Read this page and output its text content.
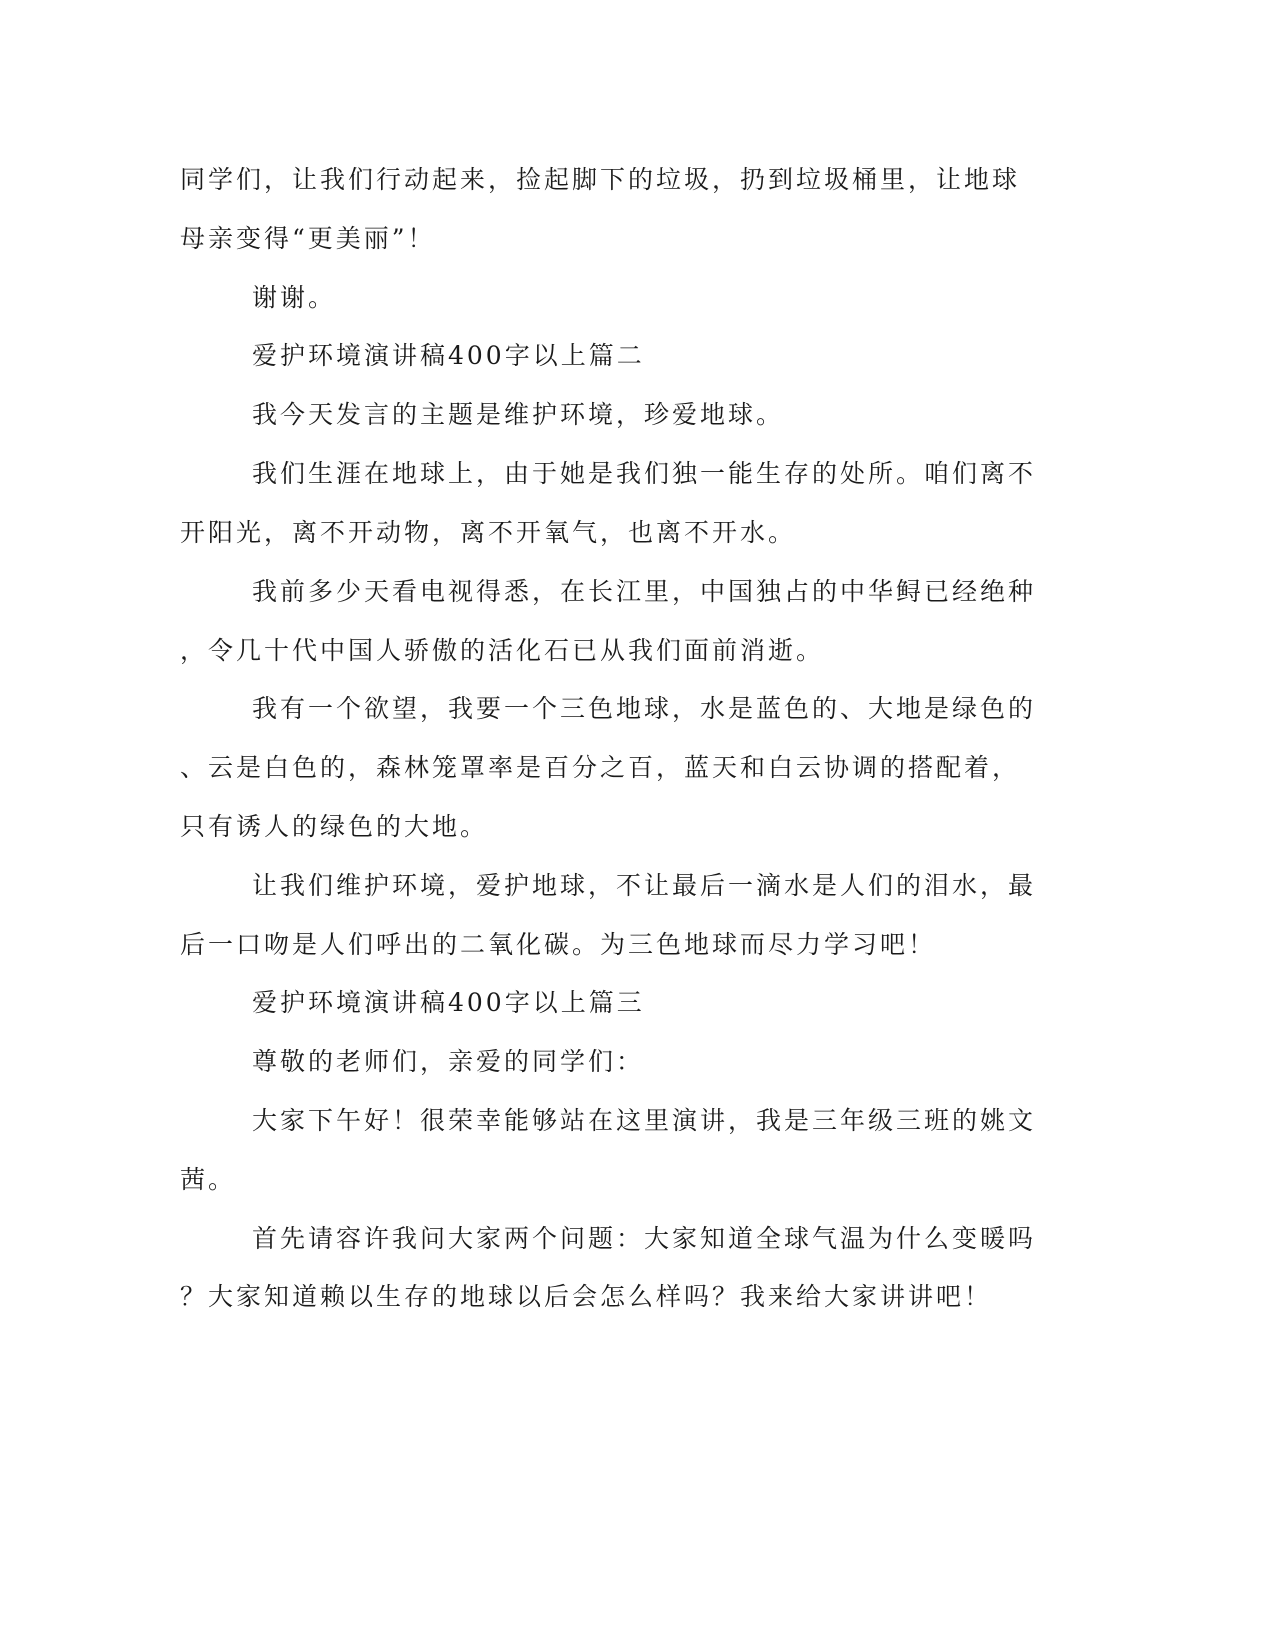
同学们，让我们行动起来，捡起脚下的垃圾，扔到垃圾桶里，让地球
母亲变得“更美丽”！
谢谢。
爱护环境演讲稿400字以上篇二
我今天发言的主题是维护环境，珍爱地球。
我们生涯在地球上，由于她是我们独一能生存的处所。咱们离不
开阳光，离不开动物，离不开氧气，也离不开水。
我前多少天看电视得悉，在长江里，中国独占的中华鲟已经绝种
，令几十代中国人骄傲的活化石已从我们面前消逝。
我有一个欲望，我要一个三色地球，水是蓝色的、大地是绿色的
、云是白色的，森林笼罩率是百分之百，蓝天和白云协调的搭配着，
只有诱人的绿色的大地。
让我们维护环境，爱护地球，不让最后一滴水是人们的泪水，最
后一口吻是人们呼出的二氧化碳。为三色地球而尽力学习吧！
爱护环境演讲稿400字以上篇三
尊敬的老师们，亲爱的同学们：
大家下午好！很荣幸能够站在这里演讲，我是三年级三班的姚文
茜。
首先请容许我问大家两个问题：大家知道全球气温为什么变暖吗
？大家知道赖以生存的地球以后会怎么样吗？我来给大家讲讲吧！
